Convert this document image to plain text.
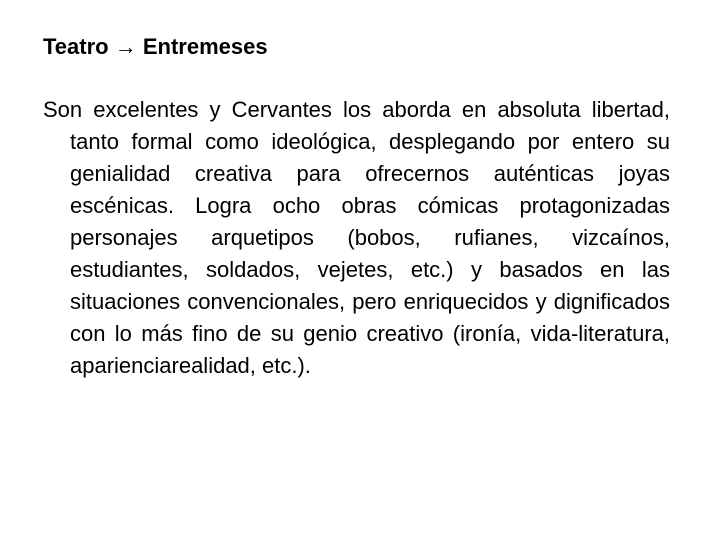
Teatro → Entremeses

Son excelentes y Cervantes los aborda en absoluta libertad, tanto formal como ideológica, desplegando por entero su genialidad creativa para ofrecernos auténticas joyas escénicas. Logra ocho obras cómicas protagonizadas personajes arquetipos (bobos, rufianes, vizcaínos, estudiantes, soldados, vejetes, etc.) y basados en las situaciones convencionales, pero enriquecidos y dignificados con lo más fino de su genio creativo (ironía, vida-literatura, aparienciarealidad, etc.).
